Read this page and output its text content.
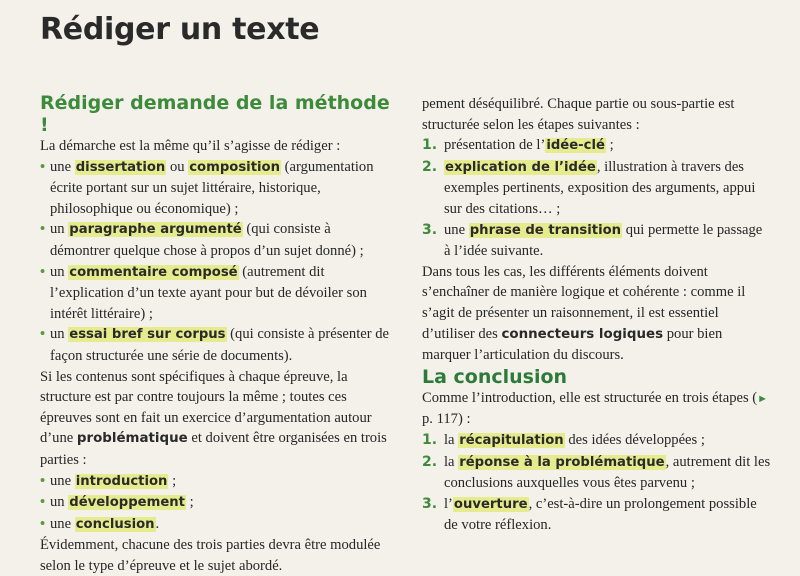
Rédiger un texte
Rédiger demande de la méthode !

La démarche est la même qu’il s’agisse de rédiger :

• une dissertation ou composition (argumentation écrite portant sur un sujet littéraire, historique, philosophique ou économique) ;
• un paragraphe argumenté (qui consiste à démontrer quelque chose à propos d’un sujet donné) ;
• un commentaire composé (autrement dit l’explication d’un texte ayant pour but de dévoiler son intérêt littéraire) ;
• un essai bref sur corpus (qui consiste à présenter de façon structurée une série de documents).

Si les contenus sont spécifiques à chaque épreuve, la structure est par contre toujours la même ; toutes ces épreuves sont en fait un exercice d’argumentation autour d’une problématique et doivent être organisées en trois parties :

• une introduction ;
• un développement ;
• une conclusion.

Évidemment, chacune des trois parties devra être modulée selon le type d’épreuve et le sujet abordé.

pement déséquilibré. Chaque partie ou sous-partie est structurée selon les étapes suivantes :

1. présentation de l’idée-clé ;
2. explication de l’idée, illustration à travers des exemples pertinents, exposition des arguments, appui sur des citations… ;
3. une phrase de transition qui permette le passage à l’idée suivante.

Dans tous les cas, les différents éléments doivent s’enchaîner de manière logique et cohérente : comme il s’agit de présenter un raisonnement, il est essentiel d’utiliser des connecteurs logiques pour bien marquer l’articulation du discours.

La conclusion

Comme l’introduction, elle est structurée en trois étapes (► p. 117) :

1. la récapitulation des idées développées ;
2. la réponse à la problématique, autrement dit les conclusions auxquelles vous êtes parvenu ;
3. l’ouverture, c’est-à-dire un prolongement possible de votre réflexion.
